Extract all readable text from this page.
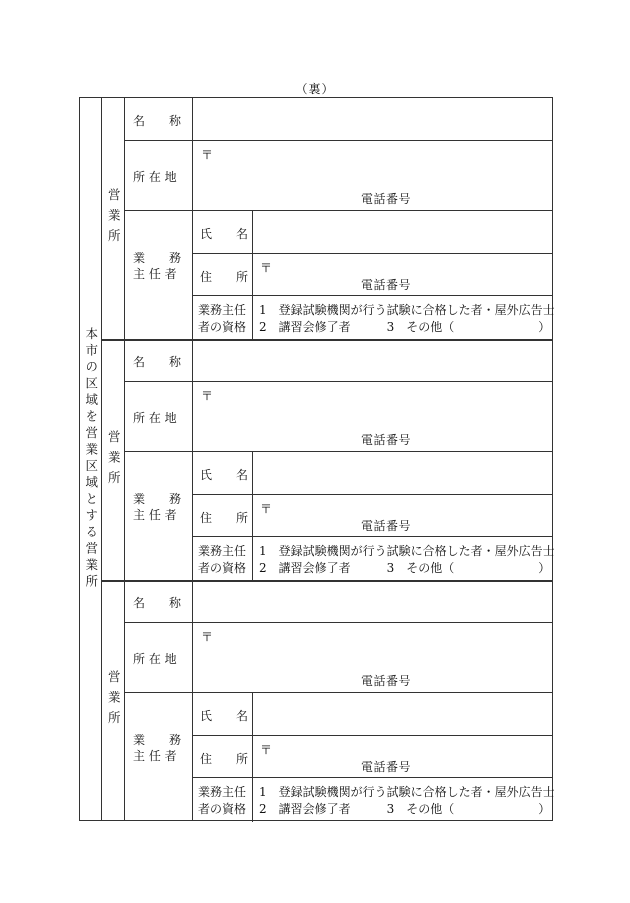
（裏）
本市の区域を営業区域とする営業所
営業所
名　　称
所 在 地
〒
電話番号
業　　務
主 任 者
氏　　名
住　　所
〒
電話番号
業務主任
者の資格
1　登録試験機関が行う試験に合格した者・屋外広告士
2　講習会修了者　　　3　その他（　　　　　　　）
営業所
名　　称
所 在 地
〒
電話番号
業　　務
主 任 者
氏　　名
住　　所
〒
電話番号
業務主任
者の資格
1　登録試験機関が行う試験に合格した者・屋外広告士
2　講習会修了者　　　3　その他（　　　　　　　）
営業所
名　　称
所 在 地
〒
電話番号
業　　務
主 任 者
氏　　名
住　　所
〒
電話番号
業務主任
者の資格
1　登録試験機関が行う試験に合格した者・屋外広告士
2　講習会修了者　　　3　その他（　　　　　　　）
